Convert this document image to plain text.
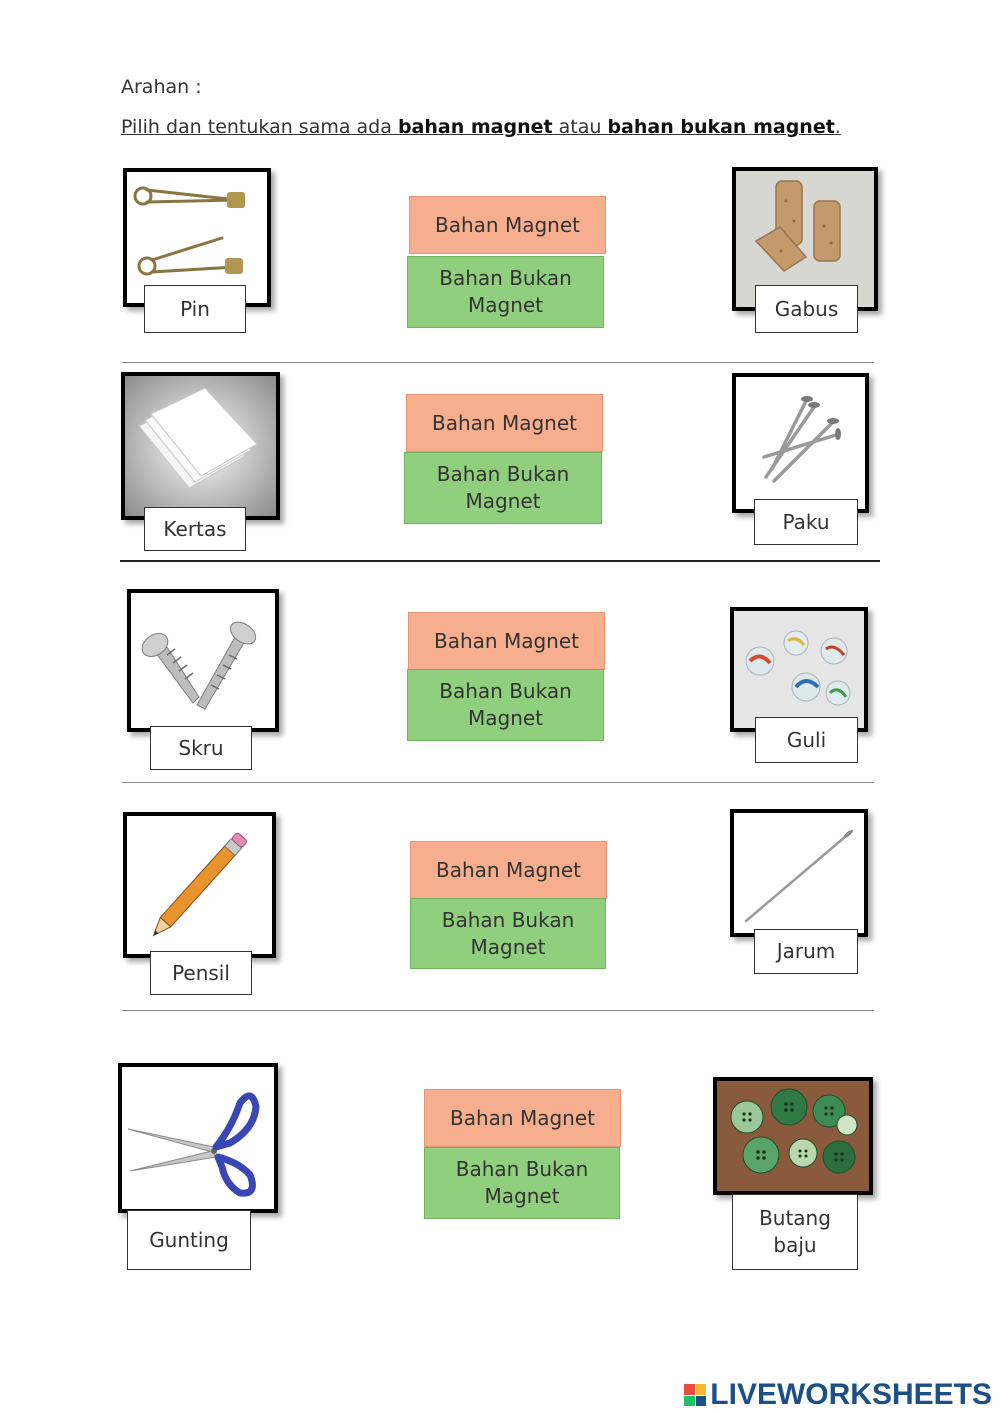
Arahan :
Pilih dan tentukan sama ada bahan magnet atau bahan bukan magnet.
Pin
Bahan Magnet
Bahan Bukan Magnet	Gabus
Kertas
Bahan Magnet
Bahan Bukan Magnet
Paku
Skru
Bahan Magnet
Bahan Bukan Magnet
Guli
Pensil
Bahan Magnet
Bahan Bukan Magnet	Jarum
Gunting
Bahan Magnet
Bahan Bukan Magnet
Butang baju
LIVEWORKSHEETS
